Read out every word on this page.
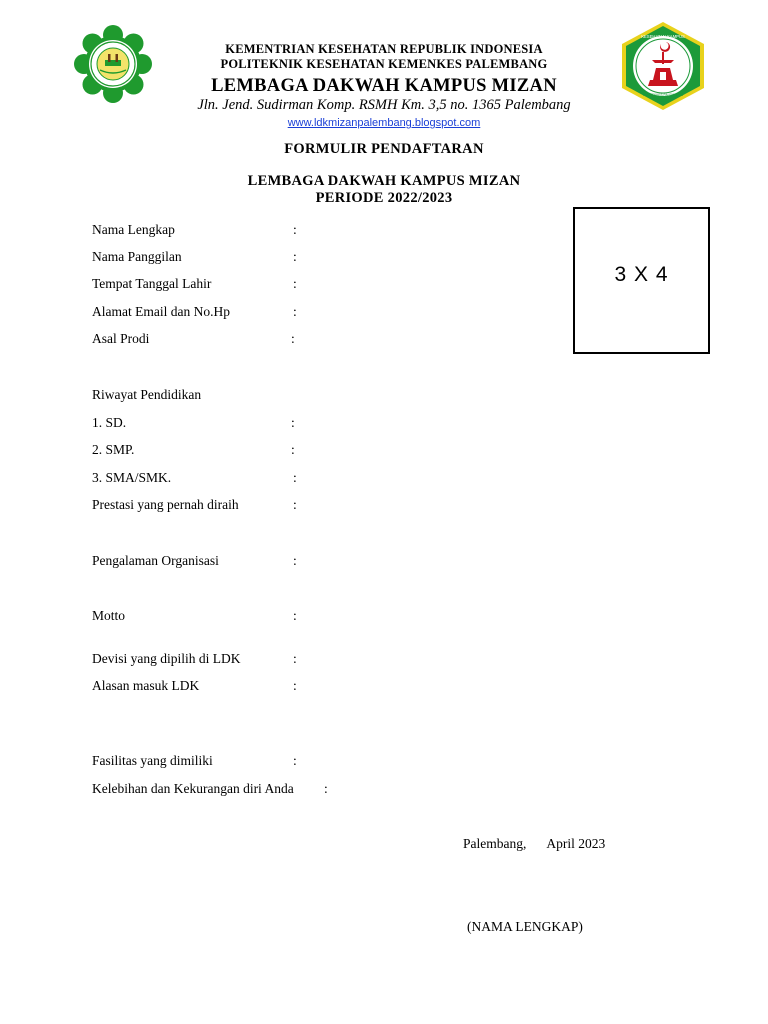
KESEHATAN KAMPUS
POLITEKKES PALEMBANG
KEMENTRIAN KESEHATAN REPUBLIK INDONESIA
POLITEKNIK KESEHATAN KEMENKES PALEMBANG
LEMBAGA DAKWAH KAMPUS MIZAN
Jln. Jend. Sudirman Komp. RSMH Km. 3,5 no. 1365 Palembang
www.ldkmizanpalembang.blogspot.com
FORMULIR PENDAFTARAN
LEMBAGA DAKWAH KAMPUS MIZAN
PERIODE 2022/2023
3 X 4
Nama Lengkap	:
Nama Panggilan	:
Tempat Tanggal Lahir	:
Alamat Email dan No.Hp	:
Asal Prodi	:
Riwayat Pendidikan
1. SD.	:
2. SMP.	:
3. SMA/SMK.	:
Prestasi yang pernah diraih	:
Pengalaman Organisasi	:
Motto	:
Devisi yang dipilih di LDK	:
Alasan masuk LDK	:
Fasilitas yang dimiliki	:
Kelebihan dan Kekurangan diri Anda :
Palembang, April 2023
(NAMA LENGKAP)
